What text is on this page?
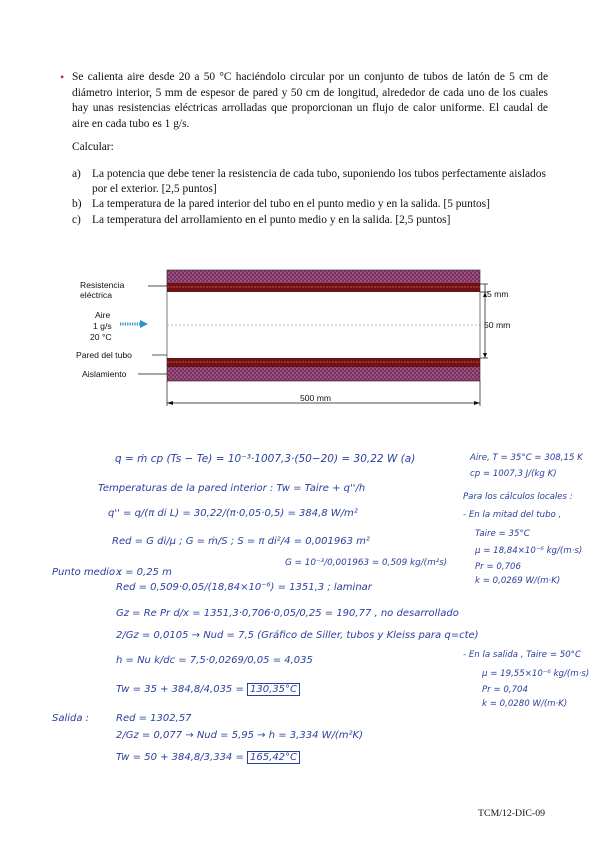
• Se calienta aire desde 20 a 50 °C haciéndolo circular por un conjunto de tubos de latón de 5 cm de diámetro interior, 5 mm de espesor de pared y 50 cm de longitud, alrededor de cada uno de los cuales hay unas resistencias eléctricas arrolladas que proporcionan un flujo de calor uniforme. El caudal de aire en cada tubo es 1 g/s.
Calcular:
a) La potencia que debe tener la resistencia de cada tubo, suponiendo los tubos perfectamente aislados por el exterior. [2,5 puntos]
b) La temperatura de la pared interior del tubo en el punto medio y en la salida. [5 puntos]
c) La temperatura del arrollamiento en el punto medio y en la salida. [2,5 puntos]
Resistencia eléctrica
Aire
1 g/s
20 °C
Pared del tubo
Aislamiento
5 mm
50 mm
500 mm
q = ṁ cp (Ts − Te) = 10⁻³·1007,3·(50−20) = 30,22 W (a)
Temperaturas de la pared interior : Tw = Taire + q''/h
q'' = q/(π di L) = 30,22/(π·0,05·0,5) = 384,8 W/m²
Red = G di/μ ; G = ṁ/S ; S = π di²/4 = 0,001963 m²
G = 10⁻³/0,001963 = 0,509 kg/(m²s)
Punto medio :
x = 0,25 m
Red = 0,509·0,05/(18,84×10⁻⁶) = 1351,3 ; laminar
Gz = Re Pr d/x = 1351,3·0,706·0,05/0,25 = 190,77 , no desarrollado
2/Gz = 0,0105 → Nud = 7,5 (Gráfico de Siller, tubos y Kleiss para q=cte)
h = Nu k/dc = 7,5·0,0269/0,05 = 4,035
Tw = 35 + 384,8/4,035 = 130,35°C
Salida :	Red = 1302,57
2/Gz = 0,077 → Nud = 5,95 → h = 3,334 W/(m²K)
Tw = 50 + 384,8/3,334 = 165,42°C
Aire, T = 35°C = 308,15 K
cp = 1007,3 J/(kg K)
Para los cálculos locales :
- En la mitad del tubo ,
Taire = 35°C
μ = 18,84×10⁻⁶ kg/(m·s)
Pr = 0,706
k = 0,0269 W/(m·K)
- En la salida , Taire = 50°C
μ = 19,55×10⁻⁶ kg/(m·s)
Pr = 0,704
k = 0,0280 W/(m·K)
TCM/12-DIC-09
